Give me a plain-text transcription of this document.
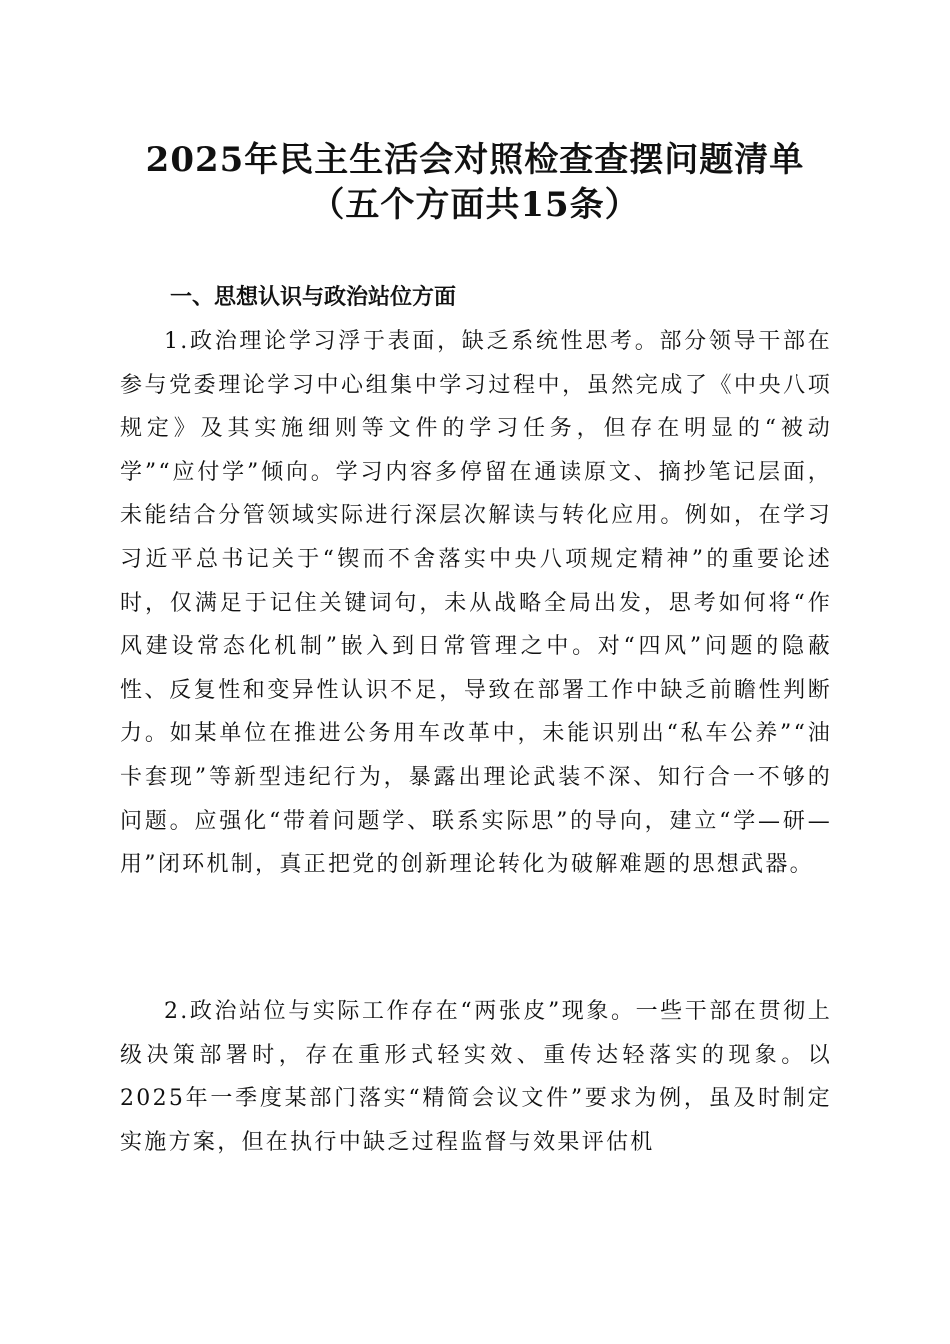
2025年民主生活会对照检查查摆问题清单
（五个方面共15条）
一、思想认识与政治站位方面
1.政治理论学习浮于表面，缺乏系统性思考。部分领导干部在参与党委理论学习中心组集中学习过程中，虽然完成了《中央八项规定》及其实施细则等文件的学习任务，但存在明显的“被动学”“应付学”倾向。学习内容多停留在通读原文、摘抄笔记层面，未能结合分管领域实际进行深层次解读与转化应用。例如，在学习习近平总书记关于“锲而不舍落实中央八项规定精神”的重要论述时，仅满足于记住关键词句，未从战略全局出发，思考如何将“作风建设常态化机制”嵌入到日常管理之中。对“四风”问题的隐蔽性、反复性和变异性认识不足，导致在部署工作中缺乏前瞻性判断力。如某单位在推进公务用车改革中，未能识别出“私车公养”“油卡套现”等新型违纪行为，暴露出理论武装不深、知行合一不够的问题。应强化“带着问题学、联系实际思”的导向，建立“学—研—用”闭环机制，真正把党的创新理论转化为破解难题的思想武器。
2.政治站位与实际工作存在“两张皮”现象。一些干部在贯彻上级决策部署时，存在重形式轻实效、重传达轻落实的现象。以2025年一季度某部门落实“精简会议文件”要求为例，虽及时制定实施方案，但在执行中缺乏过程监督与效果评估机
